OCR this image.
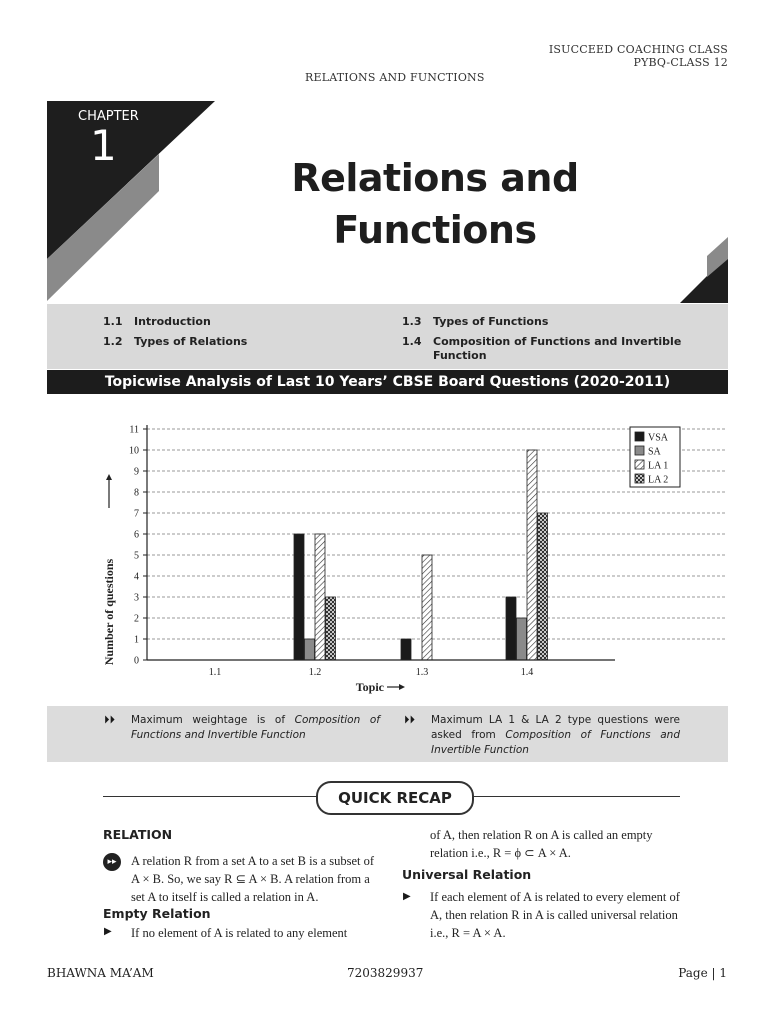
ISUCCEED COACHING CLASS
PYBQ-CLASS 12
RELATIONS AND FUNCTIONS
CHAPTER
1
Relations and
Functions
1.1 Introduction
1.2 Types of Relations
1.3 Types of Functions
1.4 Composition of Functions and Invertible Function
Topicwise Analysis of Last 10 Years’ CBSE Board Questions (2020-2011)
0
1
2
3
4
5
6
7
8
9
10
11
1.1	1.2	1.3	1.4
Topic
Number of questions
VSA
SA
LA 1
LA 2
⏵⏵ Maximum weightage is of Composition of Functions and Invertible Function
⏵⏵ Maximum LA 1 & LA 2 type questions were asked from Composition of Functions and Invertible Function
QUICK RECAP
RELATION
▸▸	A relation R from a set A to a set B is a subset of A × B. So, we say R ⊆ A × B. A relation from a set A to itself is called a relation in A.
Empty Relation
▶ If no element of A is related to any element
of A, then relation R on A is called an empty relation i.e., R = ϕ ⊂ A × A.
Universal Relation
▶ If each element of A is related to every element of A, then relation R in A is called universal relation i.e., R = A × A.
BHAWNA MA’AM	7203829937	Page | 1
